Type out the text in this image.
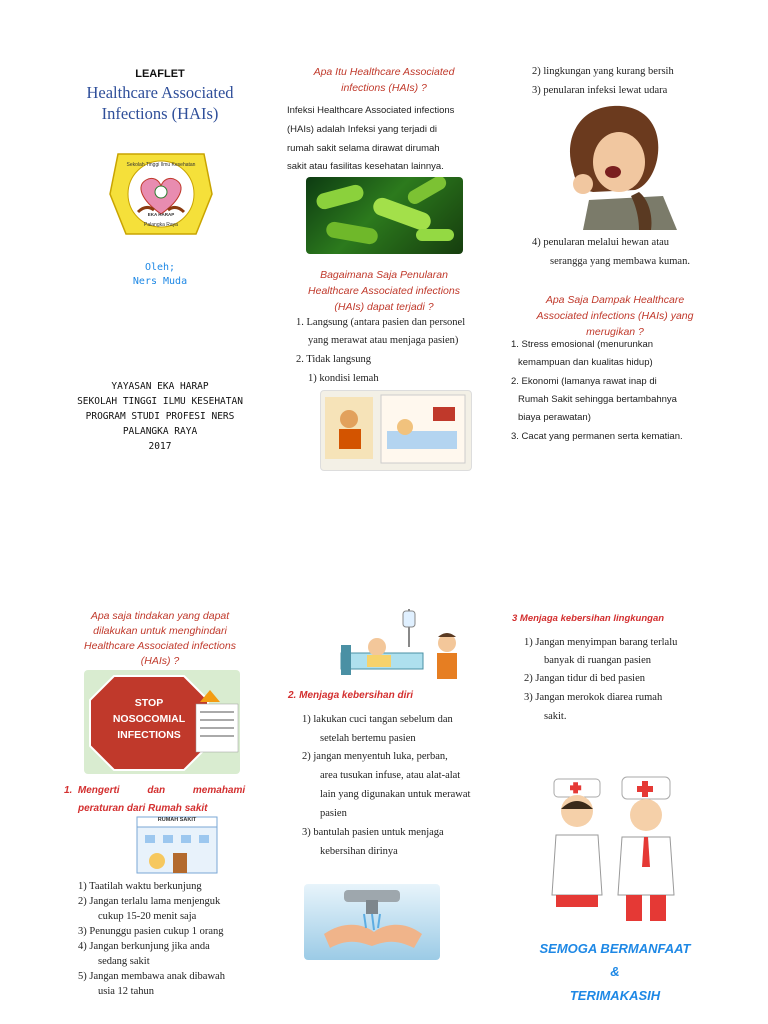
LEAFLET
Healthcare Associated
Infections (HAIs)
Sekolah Tinggi Ilmu Kesehatan
EKA HARAP
Palangka Raya
Oleh;
Ners Muda
YAYASAN EKA HARAP
SEKOLAH TINGGI ILMU KESEHATAN
PROGRAM STUDI PROFESI NERS
PALANGKA RAYA
2017
Apa Itu Healthcare Associated
infections (HAIs) ?
Infeksi Healthcare Associated infections
(HAIs) adalah Infeksi yang terjadi di
rumah sakit selama dirawat dirumah
sakit atau fasilitas kesehatan lainnya.
Bagaimana Saja Penularan
Healthcare Associated infections
(HAIs) dapat terjadi ?
1. Langsung (antara pasien dan personel
yang merawat atau menjaga pasien)
2. Tidak langsung
1) kondisi lemah
2) lingkungan yang kurang bersih
3) penularan infeksi lewat udara
4) penularan melalui hewan atau
serangga yang membawa kuman.
Apa Saja Dampak Healthcare
Associated infections (HAIs) yang
merugikan ?
1. Stress emosional (menurunkan
kemampuan dan kualitas hidup)
2. Ekonomi (lamanya rawat inap di
Rumah Sakit sehingga bertambahnya
biaya perawatan)
3. Cacat yang permanen serta kematian.
Apa saja tindakan yang dapat
dilakukan untuk menghindari
Healthcare Associated infections
(HAIs) ?
STOP
NOSOCOMIAL
INFECTIONS
1.  Mengerti          dan          memahami
peraturan dari Rumah sakit
RUMAH SAKIT
1) Taatilah waktu berkunjung
2) Jangan terlalu lama menjenguk
cukup 15-20 menit saja
3) Penunggu pasien cukup 1 orang
4) Jangan berkunjung jika anda
sedang sakit
5) Jangan membawa anak dibawah
usia 12 tahun
2. Menjaga kebersihan diri
1) lakukan cuci tangan sebelum dan
setelah bertemu pasien
2) jangan menyentuh luka, perban,
area tusukan infuse, atau alat-alat
lain yang digunakan untuk merawat
pasien
3) bantulah pasien untuk menjaga
kebersihan dirinya
3 Menjaga kebersihan lingkungan
1) Jangan menyimpan barang terlalu
banyak di ruangan pasien
2) Jangan tidur di bed pasien
3) Jangan merokok diarea rumah
sakit.
SEMOGA BERMANFAAT
&
TERIMAKASIH
